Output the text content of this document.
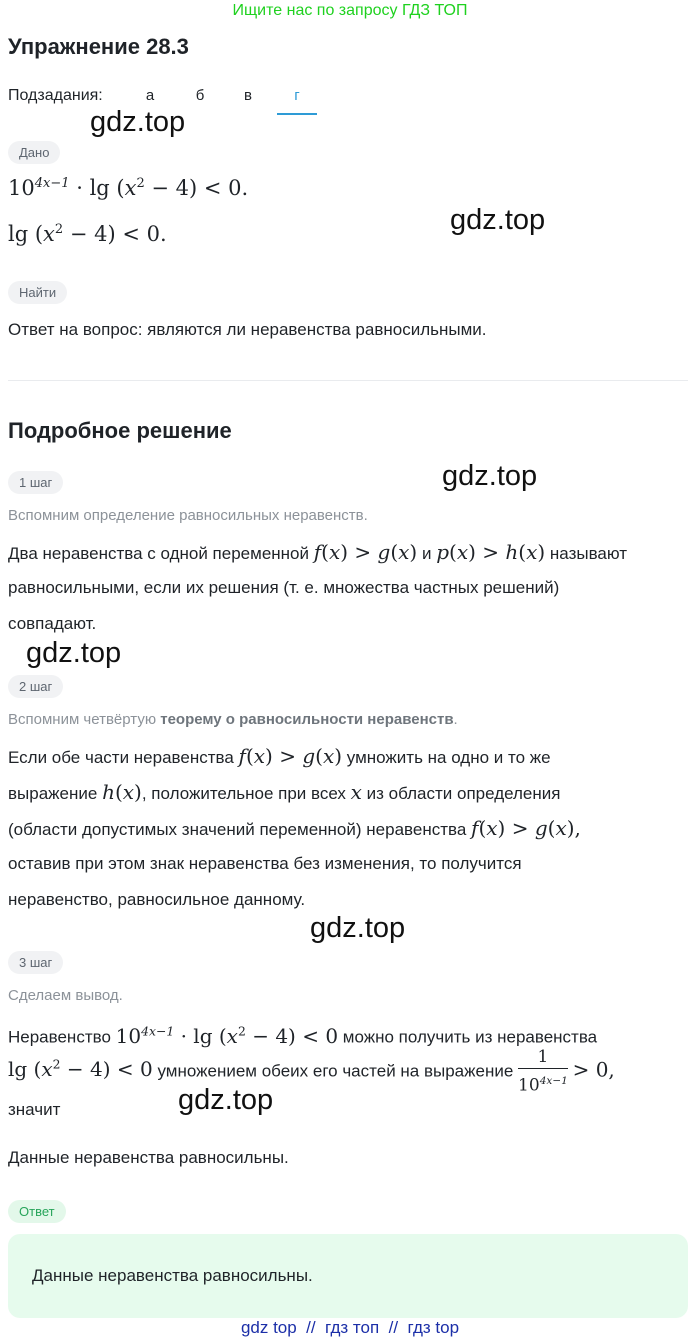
Ищите нас по запросу ГДЗ ТОП
Упражнение 28.3
Подзадания:	а	б	в	г
gdz.top
gdz.top
gdz.top
gdz.top
gdz.top
gdz.top
Дано
$10^{4x-1} \cdot \lg (x^2 - 4) < 0$.
$\lg (x^2 - 4) < 0$.
Найти
Ответ на вопрос: являются ли неравенства равносильными.
Подробное решение
1 шаг
Вспомним определение равносильных неравенств.
Два неравенства с одной переменной f(x) > g(x) и p(x) > h(x) называют
равносильными, если их решения (т. е. множества частных решений)
совпадают.
2 шаг
Вспомним четвёртую теорему о равносильности неравенств.
Если обе части неравенства f(x) > g(x) умножить на одно и то же
выражение h(x), положительное при всех x из области определения
(области допустимых значений переменной) неравенства f(x) > g(x),
оставив при этом знак неравенства без изменения, то получится
неравенство, равносильное данному.
3 шаг
Сделаем вывод.
Неравенство $10^{4x-1} \cdot \lg (x^2 - 4) < 0$ можно получить из неравенства
$\lg (x^2 - 4) < 0$ умножением обеих его частей на выражение $\frac{1}{10^{4x-1}} > 0$,
значит
Данные неравенства равносильны.
Ответ
Данные неравенства равносильны.
gdz top  //  гдз топ  //  гдз top
